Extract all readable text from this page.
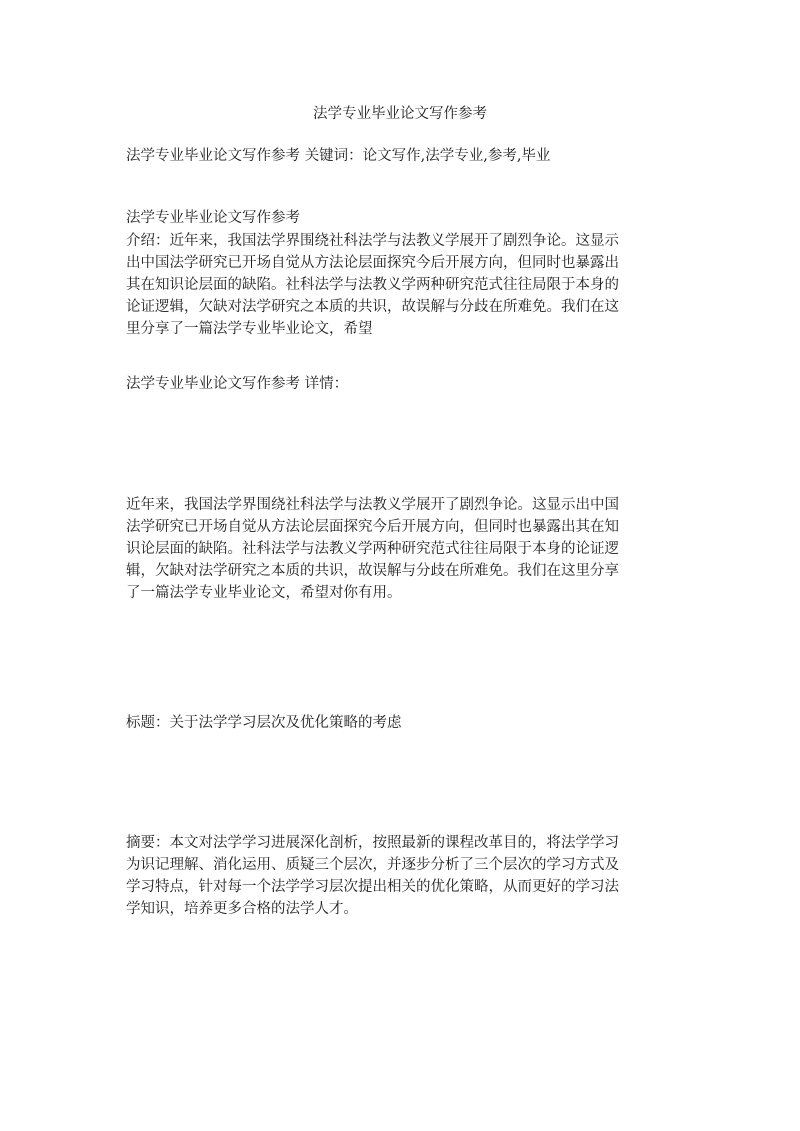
法学专业毕业论文写作参考

法学专业毕业论文写作参考 关键词：论文写作,法学专业,参考,毕业

法学专业毕业论文写作参考

介绍：近年来，我国法学界围绕社科法学与法教义学展开了剧烈争论。这显示
出中国法学研究已开场自觉从方法论层面探究今后开展方向，但同时也暴露出
其在知识论层面的缺陷。社科法学与法教义学两种研究范式往往局限于本身的
论证逻辑，欠缺对法学研究之本质的共识，故误解与分歧在所难免。我们在这
里分享了一篇法学专业毕业论文，希望

法学专业毕业论文写作参考 详情：

近年来，我国法学界围绕社科法学与法教义学展开了剧烈争论。这显示出中国
法学研究已开场自觉从方法论层面探究今后开展方向，但同时也暴露出其在知
识论层面的缺陷。社科法学与法教义学两种研究范式往往局限于本身的论证逻
辑，欠缺对法学研究之本质的共识，故误解与分歧在所难免。我们在这里分享
了一篇法学专业毕业论文，希望对你有用。

标题：关于法学学习层次及优化策略的考虑

摘要：本文对法学学习进展深化剖析，按照最新的课程改革目的，将法学学习
为识记理解、消化运用、质疑三个层次，并逐步分析了三个层次的学习方式及
学习特点，针对每一个法学学习层次提出相关的优化策略，从而更好的学习法
学知识，培养更多合格的法学人才。
